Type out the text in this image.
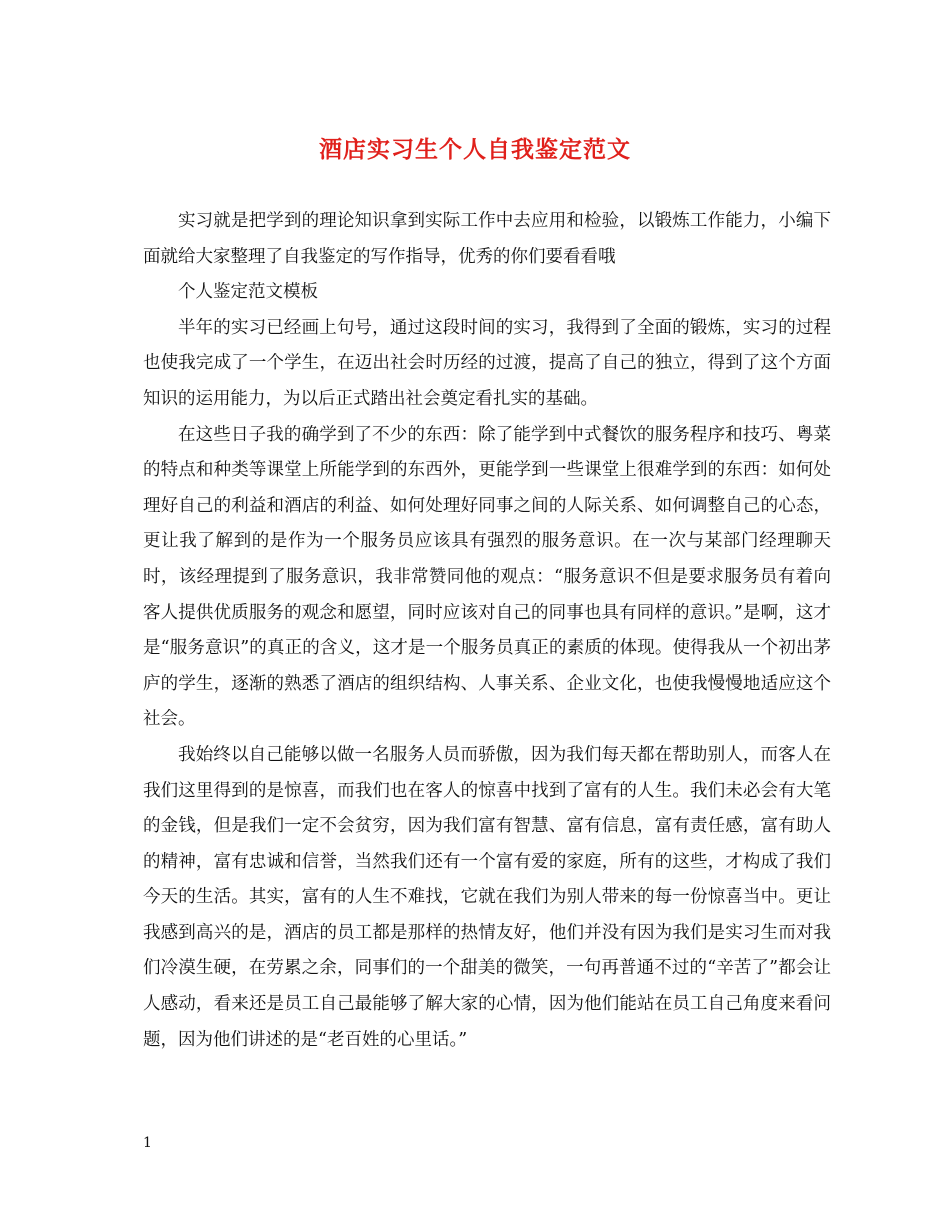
酒店实习生个人自我鉴定范文

实习就是把学到的理论知识拿到实际工作中去应用和检验，以锻炼工作能力，小编下面就给大家整理了自我鉴定的写作指导，优秀的你们要看看哦

个人鉴定范文模板

半年的实习已经画上句号，通过这段时间的实习，我得到了全面的锻炼，实习的过程也使我完成了一个学生，在迈出社会时历经的过渡，提高了自己的独立，得到了这个方面知识的运用能力，为以后正式踏出社会奠定看扎实的基础。

在这些日子我的确学到了不少的东西：除了能学到中式餐饮的服务程序和技巧、粤菜的特点和种类等课堂上所能学到的东西外，更能学到一些课堂上很难学到的东西：如何处理好自己的利益和酒店的利益、如何处理好同事之间的人际关系、如何调整自己的心态，更让我了解到的是作为一个服务员应该具有强烈的服务意识。在一次与某部门经理聊天时，该经理提到了服务意识，我非常赞同他的观点：“服务意识不但是要求服务员有着向客人提供优质服务的观念和愿望，同时应该对自己的同事也具有同样的意识。”是啊，这才是“服务意识”的真正的含义，这才是一个服务员真正的素质的体现。使得我从一个初出茅庐的学生，逐渐的熟悉了酒店的组织结构、人事关系、企业文化，也使我慢慢地适应这个社会。

我始终以自己能够以做一名服务人员而骄傲，因为我们每天都在帮助别人，而客人在我们这里得到的是惊喜，而我们也在客人的惊喜中找到了富有的人生。我们未必会有大笔的金钱，但是我们一定不会贫穷，因为我们富有智慧、富有信息，富有责任感，富有助人的精神，富有忠诚和信誉，当然我们还有一个富有爱的家庭，所有的这些，才构成了我们今天的生活。其实，富有的人生不难找，它就在我们为别人带来的每一份惊喜当中。更让我感到高兴的是，酒店的员工都是那样的热情友好，他们并没有因为我们是实习生而对我们冷漠生硬，在劳累之余，同事们的一个甜美的微笑，一句再普通不过的“辛苦了”都会让人感动，看来还是员工自己最能够了解大家的心情，因为他们能站在员工自己角度来看问题，因为他们讲述的是“老百姓的心里话。”

1
